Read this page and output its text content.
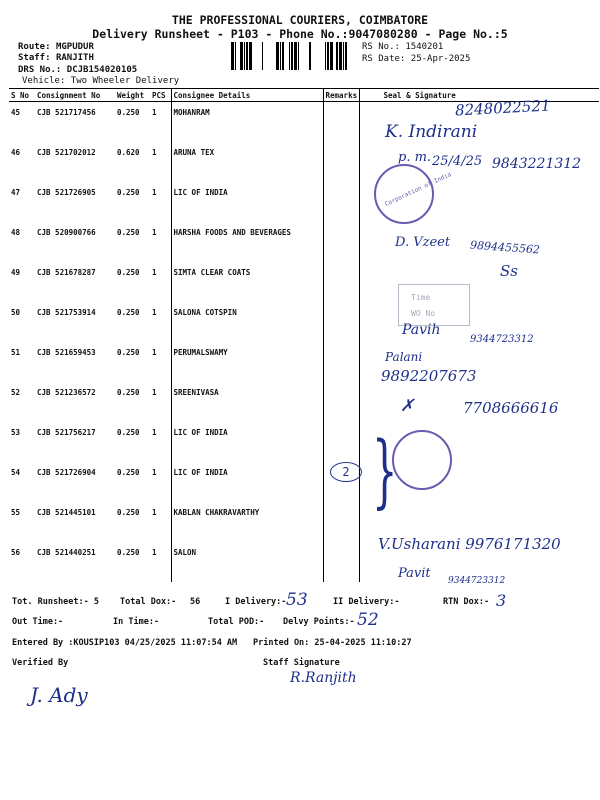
THE PROFESSIONAL COURIERS, COIMBATORE
Delivery Runsheet - P103 - Phone No.:9047080280 - Page No.:5
Route: MGPUDUR
Staff: RANJITH
DRS No.: DCJB154020105
Vehicle: Two Wheeler Delivery
RS No.: 1540201
RS Date: 25-Apr-2025
S No	Consignment No	Weight	PCS	Consignee Details	Remarks	Seal & Signature
45	CJB 521717456	0.250	1	MOHANRAM		
46	CJB 521702012	0.620	1	ARUNA TEX		
47	CJB 521726905	0.250	1	LIC OF INDIA		
48	CJB 520900766	0.250	1	HARSHA FOODS AND BEVERAGES		
49	CJB 521678287	0.250	1	SIMTA CLEAR COATS		
50	CJB 521753914	0.250	1	SALONA COTSPIN		
51	CJB 521659453	0.250	1	PERUMALSWAMY		
52	CJB 521236572	0.250	1	SREENIVASA		
53	CJB 521756217	0.250	1	LIC OF INDIA		
54	CJB 521726904	0.250	1	LIC OF INDIA		
55	CJB 521445101	0.250	1	KABLAN CHAKRAVARTHY		
56	CJB 521440251	0.250	1	SALON		
8248022521
K. Indirani
p. m. 25/4/25 9843221312
Corporation of India
D. Vzeet 9894455562
Ss
Time
WO No
Pavih
9344723312
Palani
9892207673
✗	7708666616
2 }
V.Usharani 9976171320
Pavit 9344723312
Tot. Runsheet:- 5 Total Dox:- 56	I Delivery:- 53	II Delivery:-	RTN Dox:- 3
Out Time:-	In Time:-	Total POD:- Delvy Points:- 52
Entered By :KOUSIP103 04/25/2025 11:07:54 AM Printed On: 25-04-2025 11:10:27
Verified By	Staff Signature
J. Ady
R.Ranjith
